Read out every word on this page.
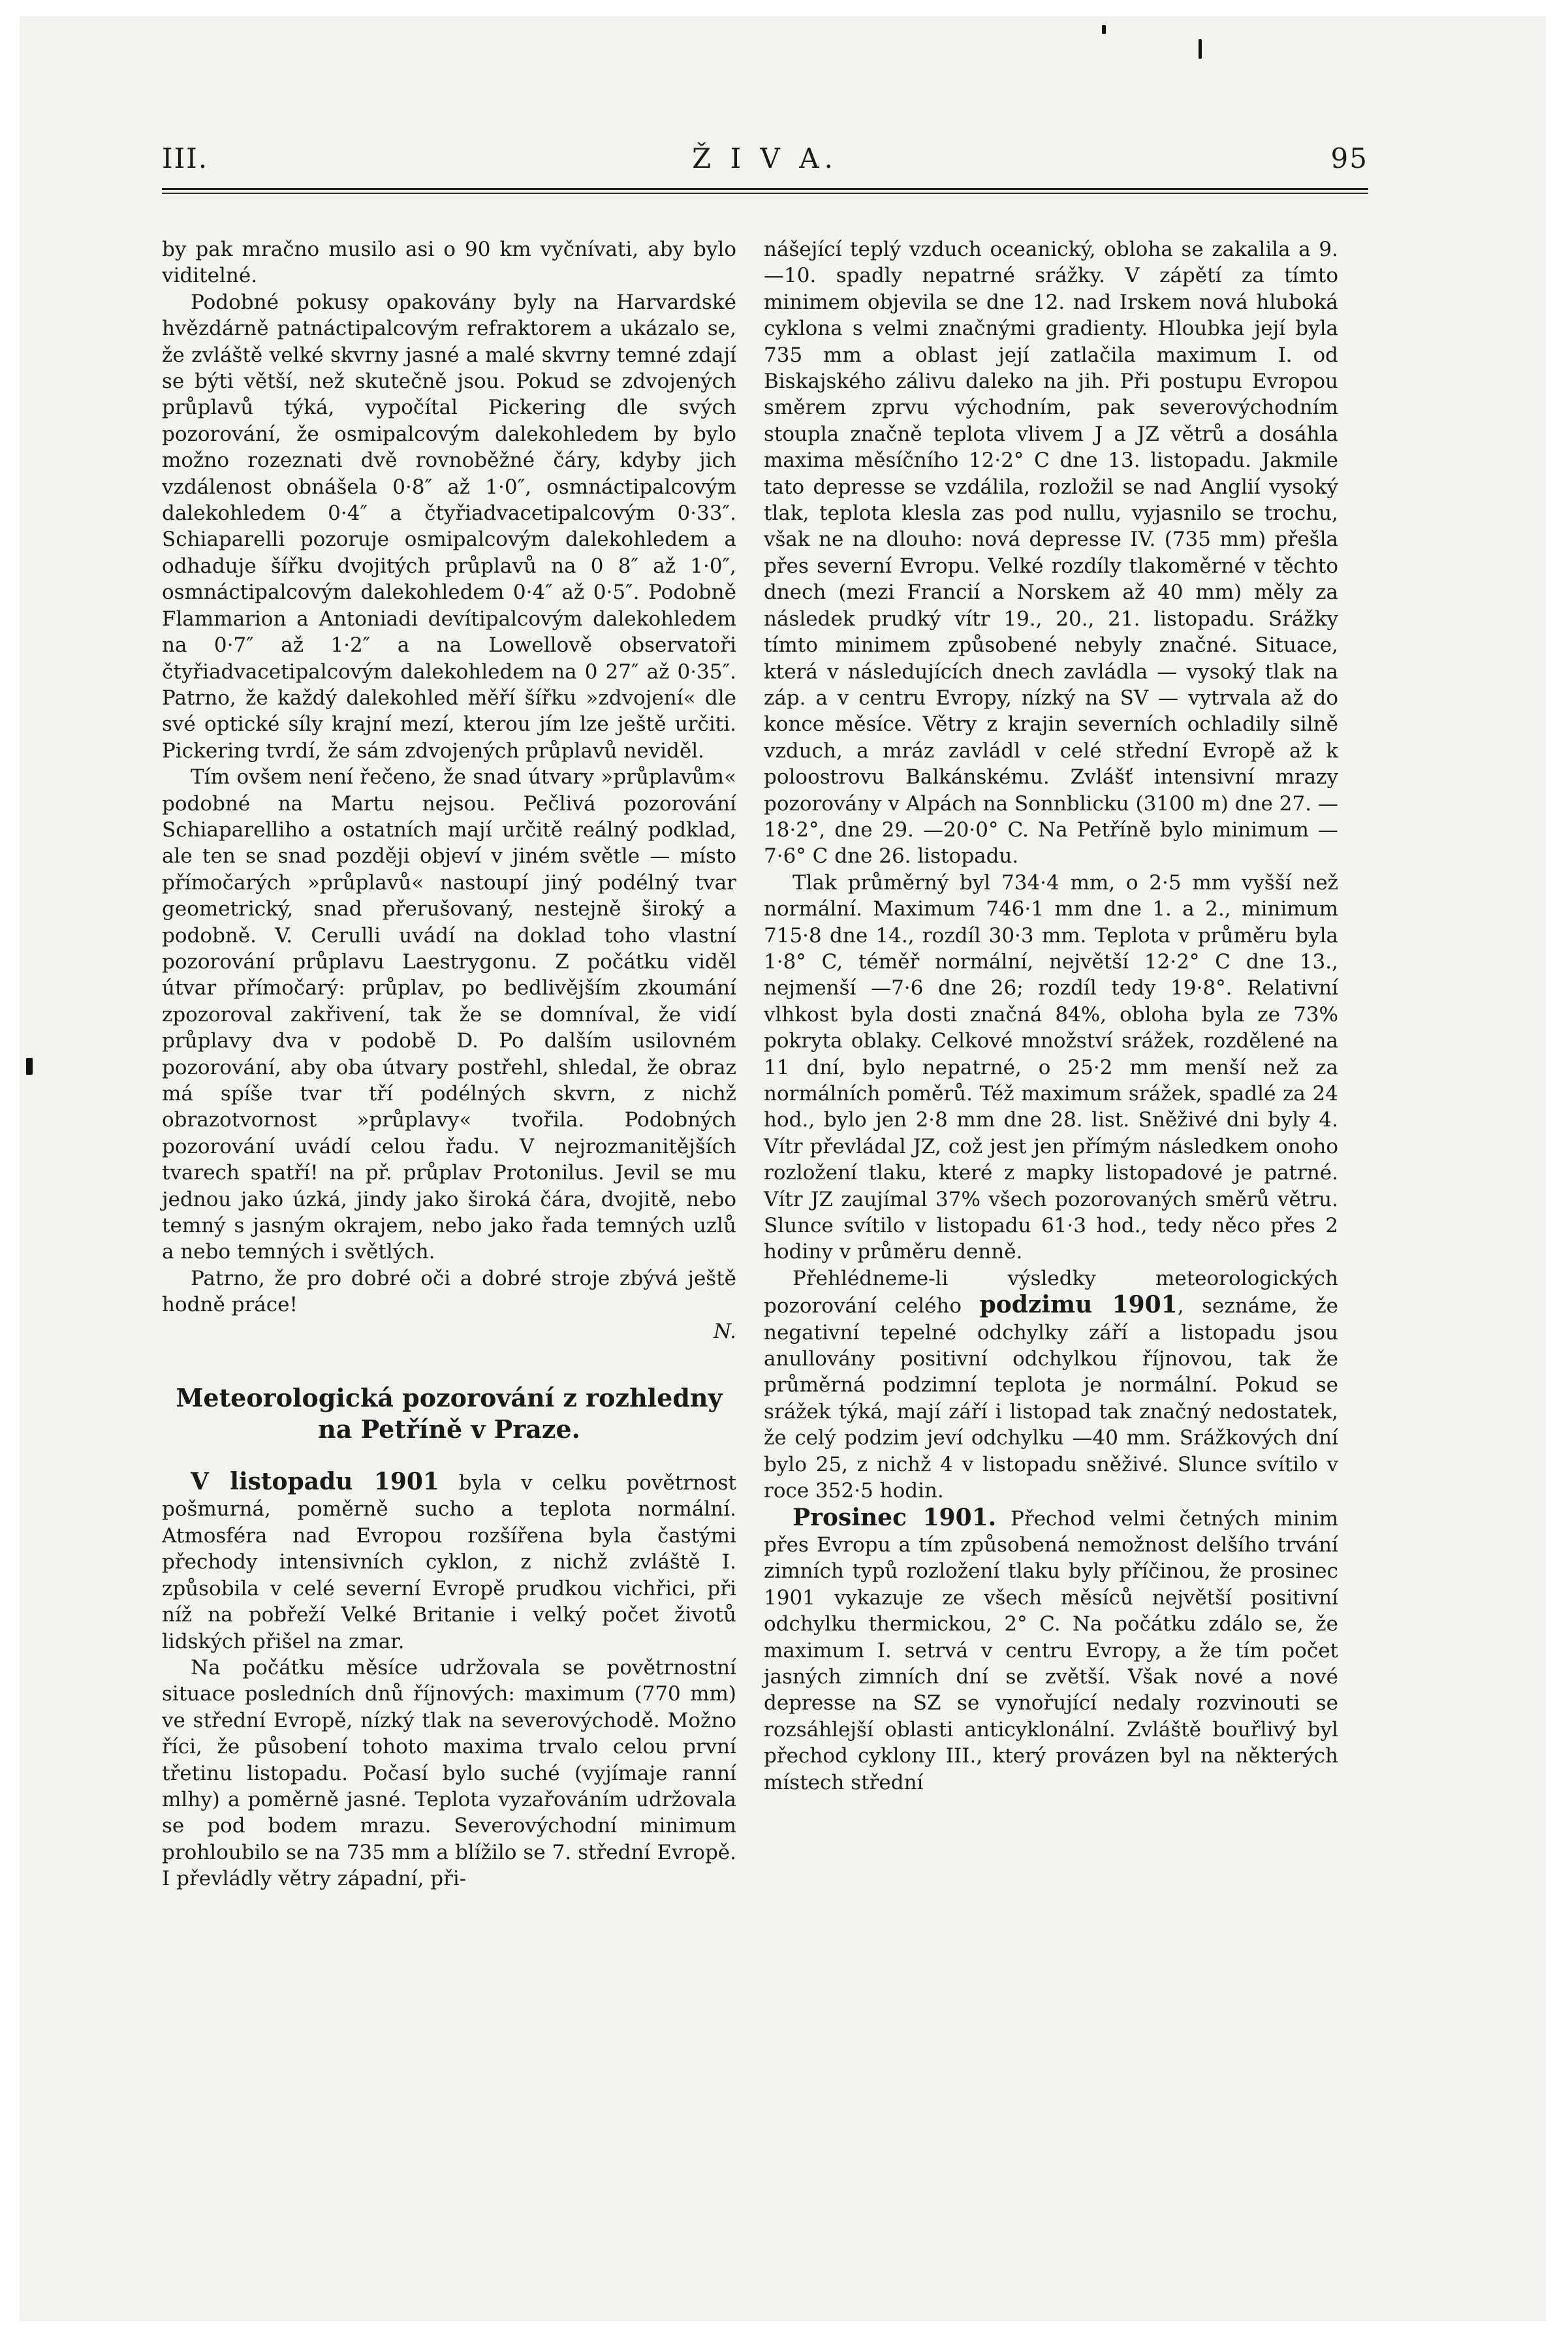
III.	Ž I V A.	95

by pak mračno musilo asi o 90 km vyčnívati, aby bylo viditelné.

Podobné pokusy opakovány byly na Harvardské hvězdárně patnáctipalcovým refraktorem a ukázalo se, že zvláště velké skvrny jasné a malé skvrny temné zdají se býti větší, než skutečně jsou. Pokud se zdvojených průplavů týká, vypočítal Pickering dle svých pozorování, že osmipalcovým dalekohledem by bylo možno rozeznati dvě rovnoběžné čáry, kdyby jich vzdálenost obnášela 0·8″ až 1·0″, osmnáctipalcovým dalekohledem 0·4″ a čtyřiadvacetipalcovým 0·33″. Schiaparelli pozoruje osmipalcovým dalekohledem a odhaduje šířku dvojitých průplavů na 0 8″ až 1·0″, osmnáctipalcovým dalekohledem 0·4″ až 0·5″. Podobně Flammarion a Antoniadi devítipalcovým dalekohledem na 0·7″ až 1·2″ a na Lowellově observatoři čtyřiadvacetipalcovým dalekohledem na 0 27″ až 0·35″. Patrno, že každý dalekohled měří šířku »zdvojení« dle své optické síly krajní mezí, kterou jím lze ještě určiti. Pickering tvrdí, že sám zdvojených průplavů neviděl.

Tím ovšem není řečeno, že snad útvary »průplavům« podobné na Martu nejsou. Pečlivá pozorování Schiaparelliho a ostatních mají určitě reálný podklad, ale ten se snad později objeví v jiném světle — místo přímočarých »průplavů« nastoupí jiný podélný tvar geometrický, snad přerušovaný, nestejně široký a podobně. V. Cerulli uvádí na doklad toho vlastní pozorování průplavu Laestrygonu. Z počátku viděl útvar přímočarý: průplav, po bedlivějším zkoumání zpozoroval zakřivení, tak že se domníval, že vidí průplavy dva v podobě D. Po dalším usilovném pozorování, aby oba útvary postřehl, shledal, že obraz má spíše tvar tří podélných skvrn, z nichž obrazotvornost »průplavy« tvořila. Podobných pozorování uvádí celou řadu. V nejrozmanitějších tvarech spatří! na př. průplav Protonilus. Jevil se mu jednou jako úzká, jindy jako široká čára, dvojitě, nebo temný s jasným okrajem, nebo jako řada temných uzlů a nebo temných i světlých.

Patrno, že pro dobré oči a dobré stroje zbývá ještě hodně práce!

N.

Meteorologická pozorování z rozhledny na Petříně v Praze.

V listopadu 1901 byla v celku povětrnost pošmurná, poměrně sucho a teplota normální. Atmosféra nad Evropou rozšířena byla častými přechody intensivních cyklon, z nichž zvláště I. způsobila v celé severní Evropě prudkou vichřici, při níž na pobřeží Velké Britanie i velký počet životů lidských přišel na zmar.

Na počátku měsíce udržovala se povětrnostní situace posledních dnů říjnových: maximum (770 mm) ve střední Evropě, nízký tlak na severovýchodě. Možno říci, že působení tohoto maxima trvalo celou první třetinu listopadu. Počasí bylo suché (vyjímaje ranní mlhy) a poměrně jasné. Teplota vyzařováním udržovala se pod bodem mrazu. Severovýchodní minimum prohloubilo se na 735 mm a blížilo se 7. střední Evropě. I převládly větry západní, při-

nášející teplý vzduch oceanický, obloha se zakalila a 9.—10. spadly nepatrné srážky. V zápětí za tímto minimem objevila se dne 12. nad Irskem nová hluboká cyklona s velmi značnými gradienty. Hloubka její byla 735 mm a oblast její zatlačila maximum I. od Biskajského zálivu daleko na jih. Při postupu Evropou směrem zprvu východním, pak severovýchodním stoupla značně teplota vlivem J a JZ větrů a dosáhla maxima měsíčního 12·2° C dne 13. listopadu. Jakmile tato depresse se vzdálila, rozložil se nad Anglií vysoký tlak, teplota klesla zas pod nullu, vyjasnilo se trochu, však ne na dlouho: nová depresse IV. (735 mm) přešla přes severní Evropu. Velké rozdíly tlakoměrné v těchto dnech (mezi Francií a Norskem až 40 mm) měly za následek prudký vítr 19., 20., 21. listopadu. Srážky tímto minimem způsobené nebyly značné. Situace, která v následujících dnech zavládla — vysoký tlak na záp. a v centru Evropy, nízký na SV — vytrvala až do konce měsíce. Větry z krajin severních ochladily silně vzduch, a mráz zavládl v celé střední Evropě až k poloostrovu Balkánskému. Zvlášť intensivní mrazy pozorovány v Alpách na Sonnblicku (3100 m) dne 27. —18·2°, dne 29. —20·0° C. Na Petříně bylo minimum —7·6° C dne 26. listopadu.

Tlak průměrný byl 734·4 mm, o 2·5 mm vyšší než normální. Maximum 746·1 mm dne 1. a 2., minimum 715·8 dne 14., rozdíl 30·3 mm. Teplota v průměru byla 1·8° C, téměř normální, největší 12·2° C dne 13., nejmenší —7·6 dne 26; rozdíl tedy 19·8°. Relativní vlhkost byla dosti značná 84%, obloha byla ze 73% pokryta oblaky. Celkové množství srážek, rozdělené na 11 dní, bylo nepatrné, o 25·2 mm menší než za normálních poměrů. Též maximum srážek, spadlé za 24 hod., bylo jen 2·8 mm dne 28. list. Sněživé dni byly 4. Vítr převládal JZ, což jest jen přímým následkem onoho rozložení tlaku, které z mapky listopadové je patrné. Vítr JZ zaujímal 37% všech pozorovaných směrů větru. Slunce svítilo v listopadu 61·3 hod., tedy něco přes 2 hodiny v průměru denně.

Přehlédneme-li výsledky meteorologických pozorování celého podzimu 1901, seznáme, že negativní tepelné odchylky září a listopadu jsou anullovány positivní odchylkou říjnovou, tak že průměrná podzimní teplota je normální. Pokud se srážek týká, mají září i listopad tak značný nedostatek, že celý podzim jeví odchylku —40 mm. Srážkových dní bylo 25, z nichž 4 v listopadu sněživé. Slunce svítilo v roce 352·5 hodin.

Prosinec 1901. Přechod velmi četných minim přes Evropu a tím způsobená nemožnost delšího trvání zimních typů rozložení tlaku byly příčinou, že prosinec 1901 vykazuje ze všech měsíců největší positivní odchylku thermickou, 2° C. Na počátku zdálo se, že maximum I. setrvá v centru Evropy, a že tím počet jasných zimních dní se zvětší. Však nové a nové depresse na SZ se vynořující nedaly rozvinouti se rozsáhlejší oblasti anticyklonální. Zvláště bouřlivý byl přechod cyklony III., který provázen byl na některých místech střední
